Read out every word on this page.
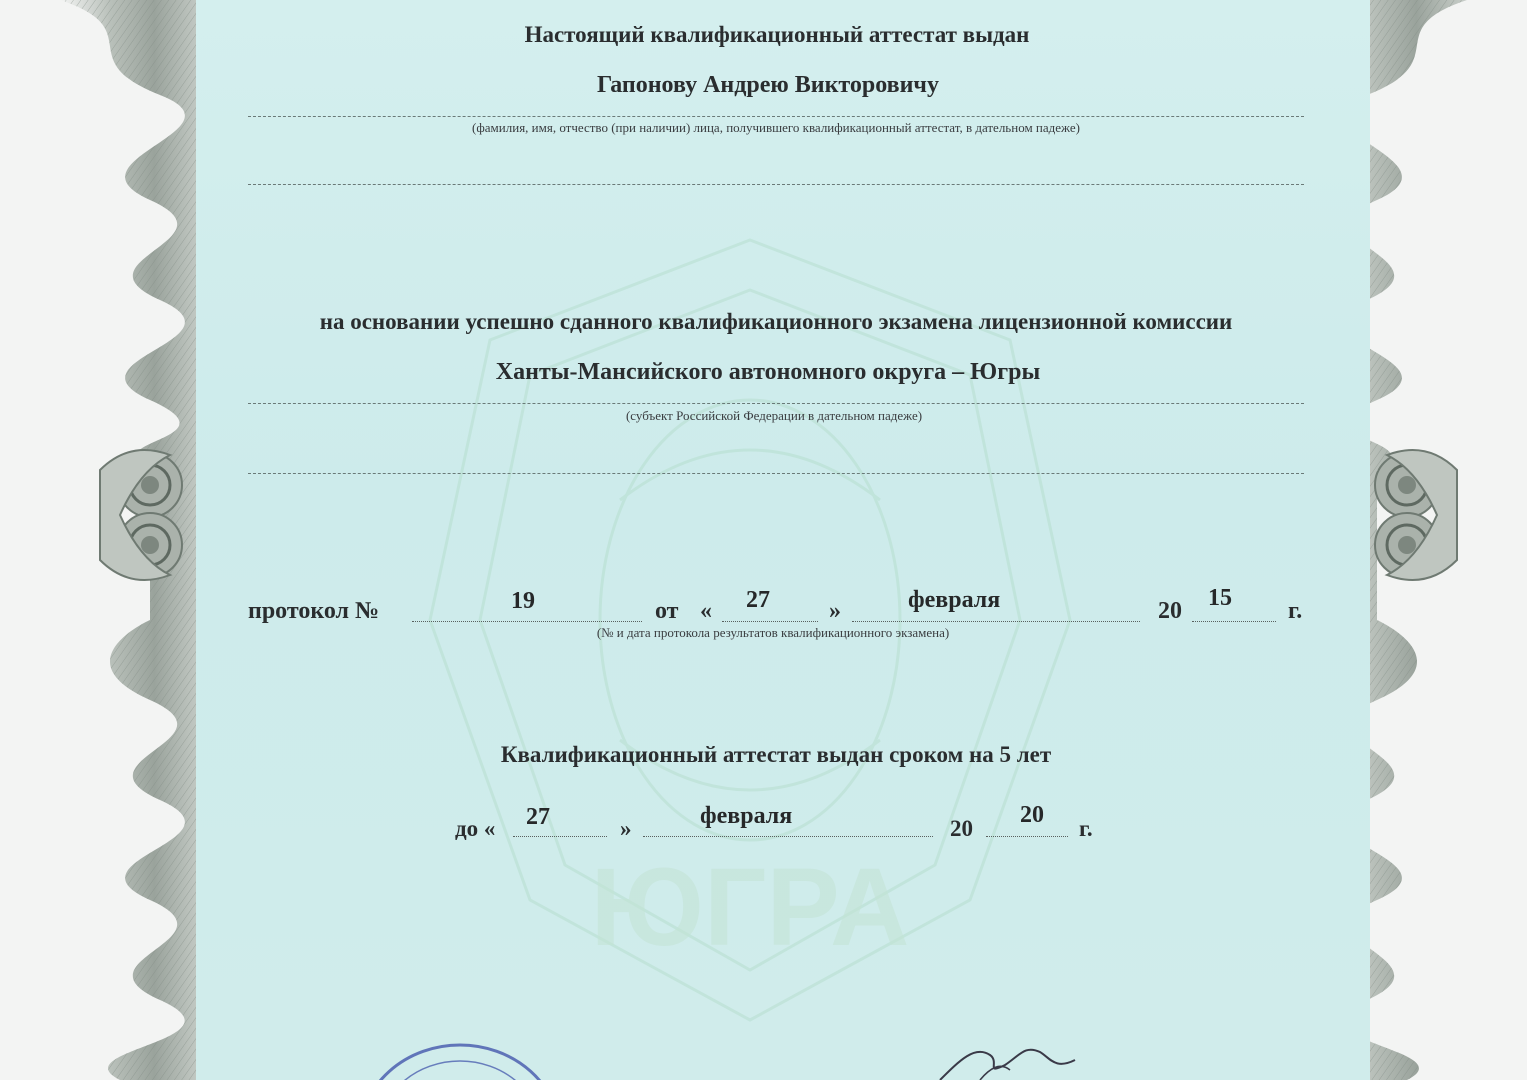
ЮГРА
Настоящий квалификационный аттестат выдан
Гапонову Андрею Викторовичу
(фамилия, имя, отчество (при наличии) лица, получившего квалификационный аттестат, в дательном падеже)
на основании успешно сданного квалификационного экзамена лицензионной комиссии
Ханты-Мансийского автономного округа – Югры
(субъект Российской Федерации в дательном падеже)
протокол №	19	от « 27 »	февраля	20 15 г.
(№ и дата протокола результатов квалификационного экзамена)
Квалификационный аттестат выдан сроком на 5 лет
до « 27	»	февраля	20
20
г.
